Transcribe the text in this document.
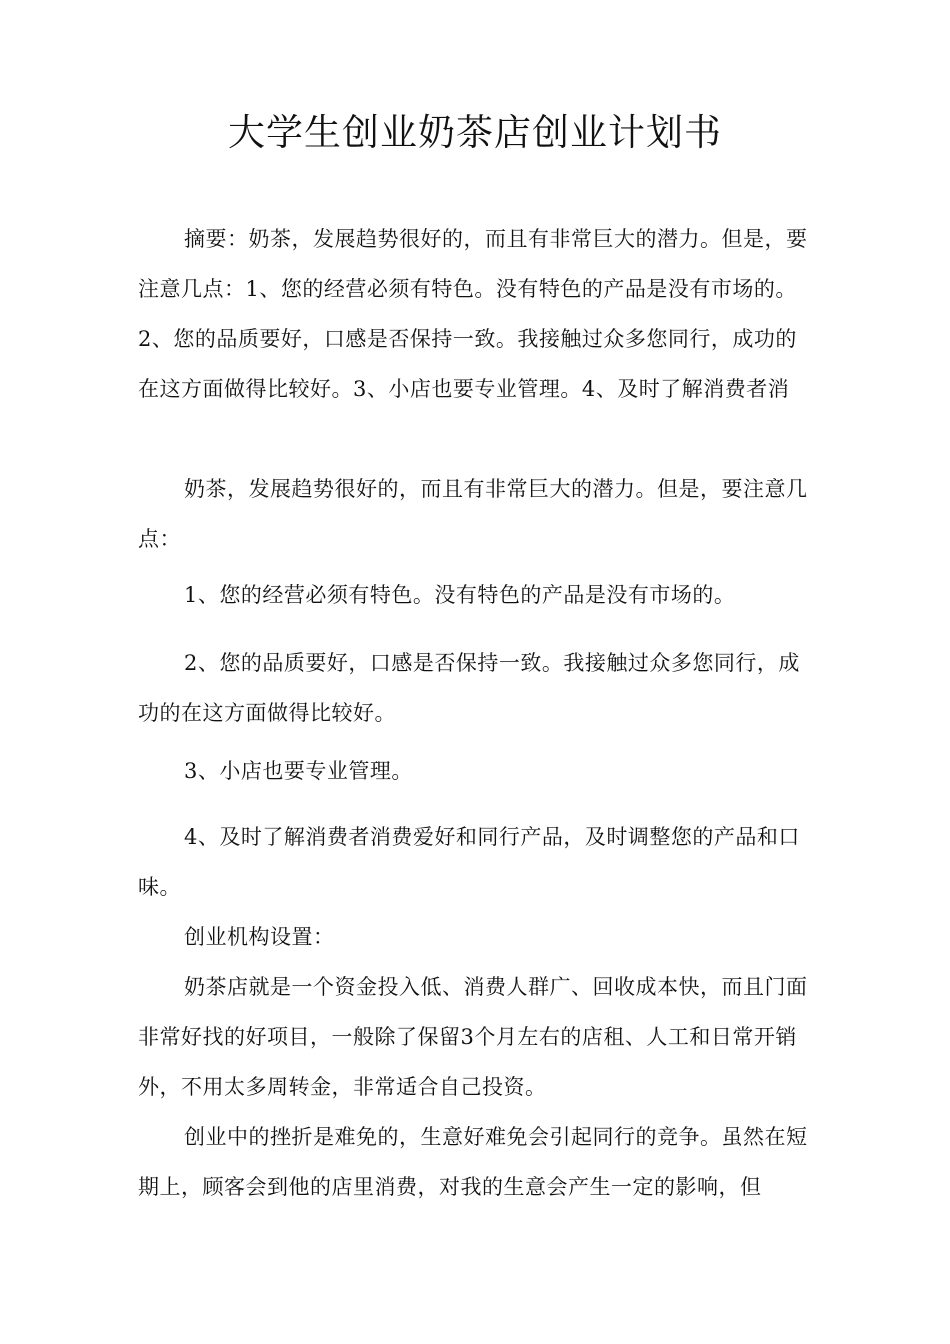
大学生创业奶茶店创业计划书

摘要：奶茶，发展趋势很好的，而且有非常巨大的潜力。但是，要注意几点：1、您的经营必须有特色。没有特色的产品是没有市场的。2、您的品质要好，口感是否保持一致。我接触过众多您同行，成功的在这方面做得比较好。3、小店也要专业管理。4、及时了解消费者消

奶茶，发展趋势很好的，而且有非常巨大的潜力。但是，要注意几点：

1、您的经营必须有特色。没有特色的产品是没有市场的。

2、您的品质要好，口感是否保持一致。我接触过众多您同行，成功的在这方面做得比较好。

3、小店也要专业管理。

4、及时了解消费者消费爱好和同行产品，及时调整您的产品和口味。

创业机构设置：

奶茶店就是一个资金投入低、消费人群广、回收成本快，而且门面非常好找的好项目，一般除了保留3个月左右的店租、人工和日常开销外，不用太多周转金，非常适合自己投资。

创业中的挫折是难免的，生意好难免会引起同行的竞争。虽然在短期上，顾客会到他的店里消费，对我的生意会产生一定的影响，但
